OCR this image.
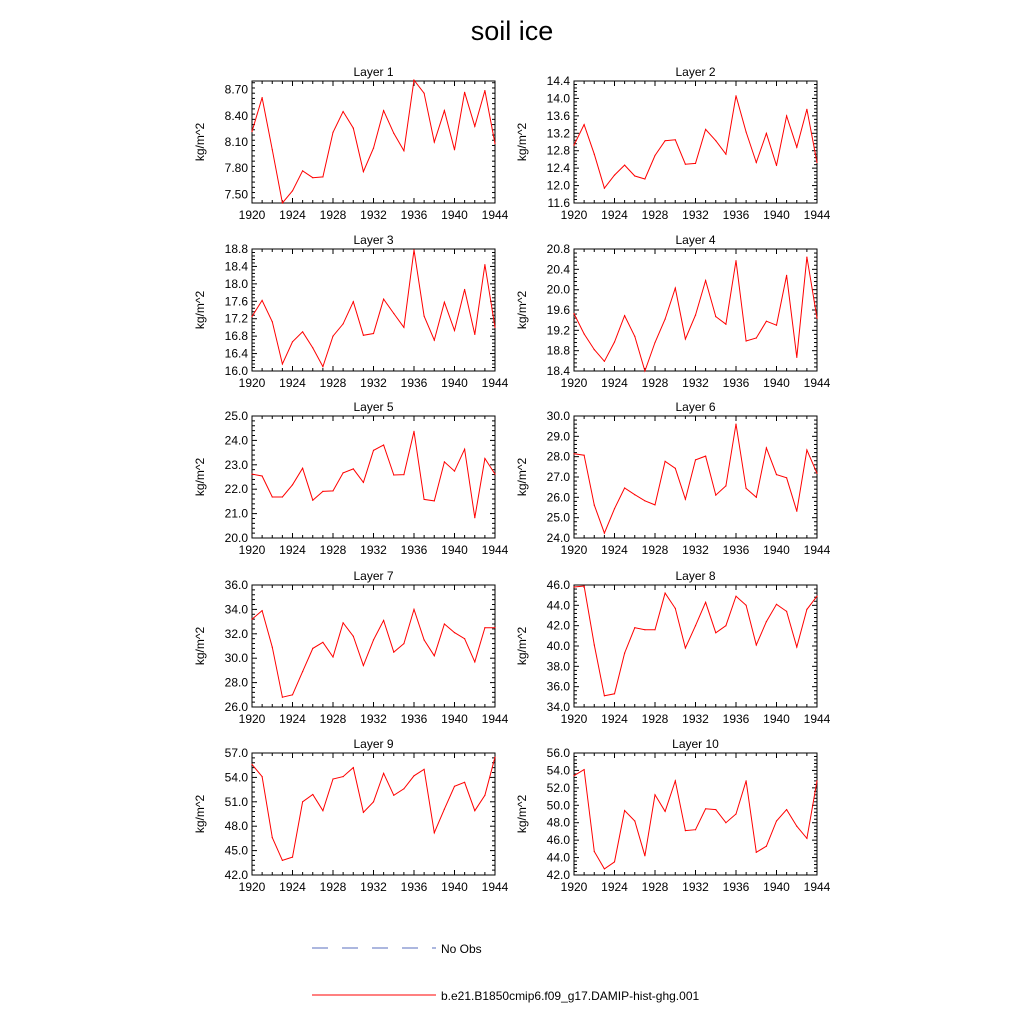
soil ice
Layer 1
1920 1924 1928 1932 1936 1940 1944
7.50
7.80
8.10
8.40
8.70
kg/m^2
Layer 2
1920 1924 1928 1932 1936 1940 1944
11.6
12.0
12.4
12.8
13.2
13.6
14.0
14.4
kg/m^2
Layer 3
1920 1924 1928 1932 1936 1940 1944
16.0
16.4
16.8
17.2
17.6
18.0
18.4
18.8
kg/m^2
Layer 4
1920 1924 1928 1932 1936 1940 1944
18.4
18.8
19.2
19.6
20.0
20.4
20.8
kg/m^2
Layer 5
1920 1924 1928 1932 1936 1940 1944
20.0
21.0
22.0
23.0
24.0
25.0
kg/m^2
Layer 6
1920 1924 1928 1932 1936 1940 1944
24.0
25.0
26.0
27.0
28.0
29.0
30.0
kg/m^2
Layer 7
1920 1924 1928 1932 1936 1940 1944
26.0
28.0
30.0
32.0
34.0
36.0
kg/m^2
Layer 8
1920 1924 1928 1932 1936 1940 1944
34.0
36.0
38.0
40.0
42.0
44.0
46.0
kg/m^2
Layer 9
1920 1924 1928 1932 1936 1940 1944
42.0
45.0
48.0
51.0
54.0
57.0
kg/m^2
Layer 10
1920 1924 1928 1932 1936 1940 1944
42.0
44.0
46.0
48.0
50.0
52.0
54.0
56.0
kg/m^2
No Obs
b.e21.B1850cmip6.f09_g17.DAMIP-hist-ghg.001
